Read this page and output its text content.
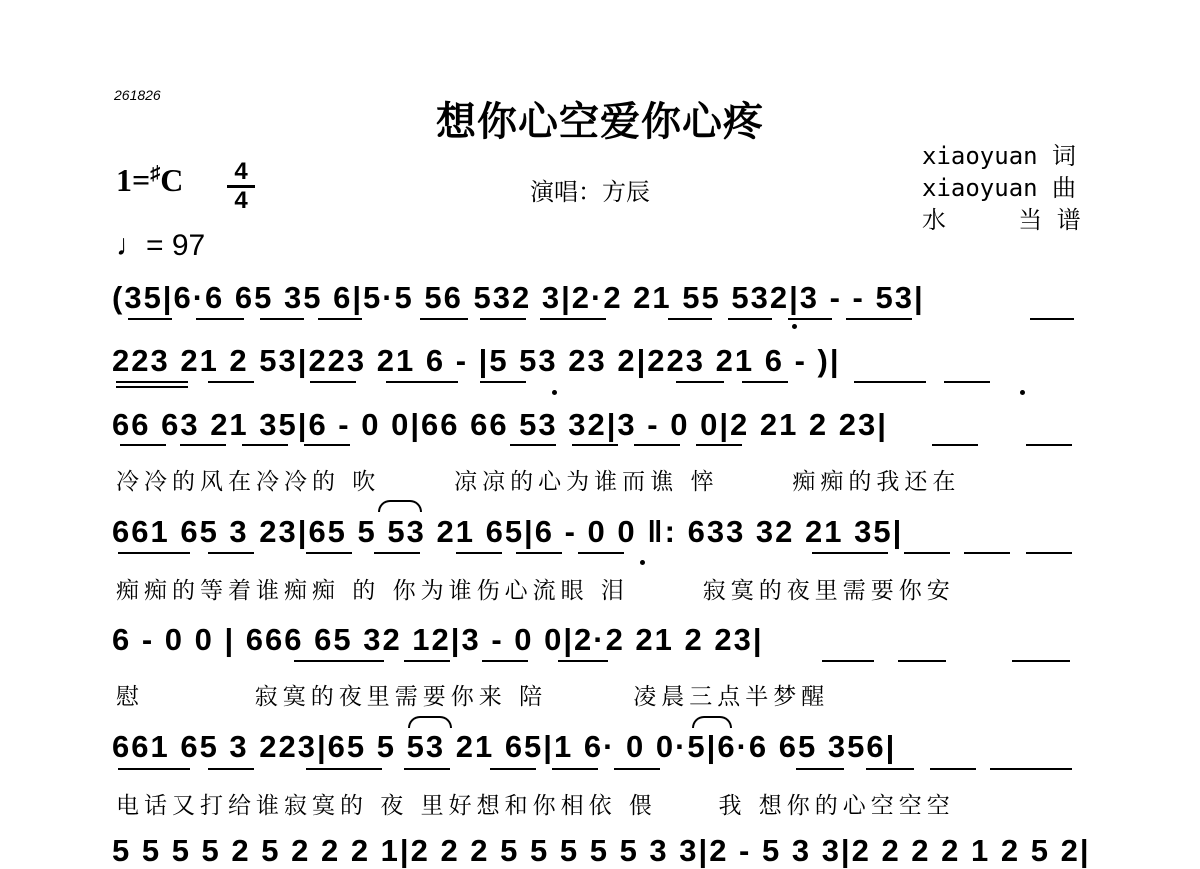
261826
想你心空爱你心疼
1=♯C	4
4
♩= 97
演唱：方辰
xiaoyuan 词
xiaoyuan 曲
水     当 谱
(35|6·6 65 35 6|5·5 56 532 3|2·2 21 55 532|3 - - 53|
223 21 2 53|223 21 6 - |5 53 23 2|223 21 6 - )|
66 63 21 35|6 - 0 0|66 66 53 32|3 - 0 0|2 21 2 23|
冷冷的风在冷冷的 吹      凉凉的心为谁而谯 悴      痴痴的我还在
661 65 3 23|65 5 53 21 65|6 - 0 0 ‖: 633 32 21 35|
痴痴的等着谁痴痴 的 你为谁伤心流眼 泪      寂寞的夜里需要你安
6 - 0 0 | 666 65 32 12|3 - 0 0|2·2 21 2 23|
慰         寂寞的夜里需要你来 陪       凌晨三点半梦醒
661 65 3 223|65 5 53 21 65|1 6· 0 0·5|6·6 65 356|
电话又打给谁寂寞的 夜 里好想和你相依 偎     我 想你的心空空空
5 5 5 5 2 5 2 2 2 1|2 2 2 5 5 5 5 5 3 3|2 - 5 3 3|2 2 2 2 1 2 5 2|
